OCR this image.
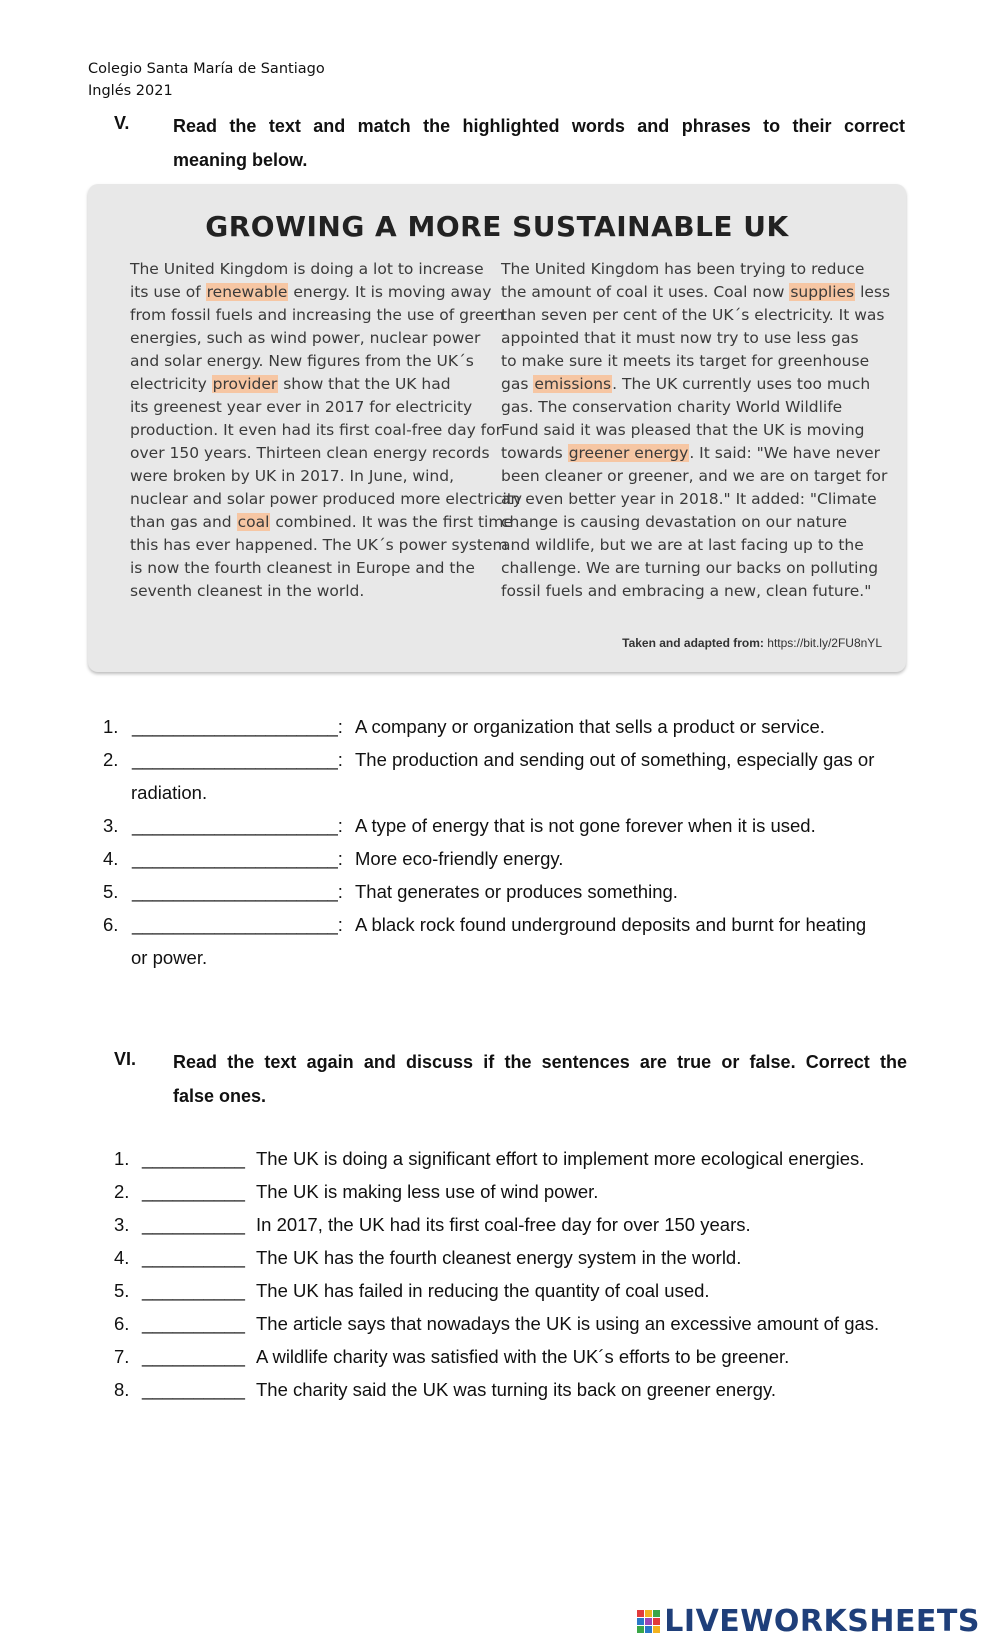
Colegio Santa María de Santiago
Inglés 2021
V. Read the text and match the highlighted words and phrases to their correct
meaning below.
GROWING A MORE SUSTAINABLE UK

The United Kingdom is doing a lot to increase

its use of renewable energy. It is moving away

from fossil fuels and increasing the use of green

energies, such as wind power, nuclear power

and solar energy. New figures from the UK´s

electricity provider show that the UK had

its greenest year ever in 2017 for electricity

production. It even had its first coal-free day for

over 150 years. Thirteen clean energy records

were broken by UK in 2017. In June, wind,

nuclear and solar power produced more electricity

than gas and coal combined. It was the first time

this has ever happened. The UK´s power system

is now the fourth cleanest in Europe and the

seventh cleanest in the world.

The United Kingdom has been trying to reduce

the amount of coal it uses. Coal now supplies less

than seven per cent of the UK´s electricity. It was

appointed that it must now try to use less gas

to make sure it meets its target for greenhouse

gas emissions. The UK currently uses too much

gas. The conservation charity World Wildlife

Fund said it was pleased that the UK is moving

towards greener energy. It said: "We have never

been cleaner or greener, and we are on target for

an even better year in 2018." It added: "Climate

change is causing devastation on our nature

and wildlife, but we are at last facing up to the

challenge. We are turning our backs on polluting

fossil fuels and embracing a new, clean future."

Taken and adapted from: https://bit.ly/2FU8nYL
1. ____________________: A company or organization that sells a product or service.
2. ____________________: The production and sending out of something, especially gas or
radiation.
3. ____________________: A type of energy that is not gone forever when it is used.
4. ____________________: More eco-friendly energy.
5. ____________________: That generates or produces something.
6. ____________________: A black rock found underground deposits and burnt for heating
or power.
VI. Read the text again and discuss if the sentences are true or false. Correct the
false ones.
1. __________ The UK is doing a significant effort to implement more ecological energies.
2. __________ The UK is making less use of wind power.
3. __________ In 2017, the UK had its first coal-free day for over 150 years.
4. __________ The UK has the fourth cleanest energy system in the world.
5. __________ The UK has failed in reducing the quantity of coal used.
6. __________ The article says that nowadays the UK is using an excessive amount of gas.
7. __________ A wildlife charity was satisfied with the UK´s efforts to be greener.
8. __________ The charity said the UK was turning its back on greener energy.
LIVEWORKSHEETS
